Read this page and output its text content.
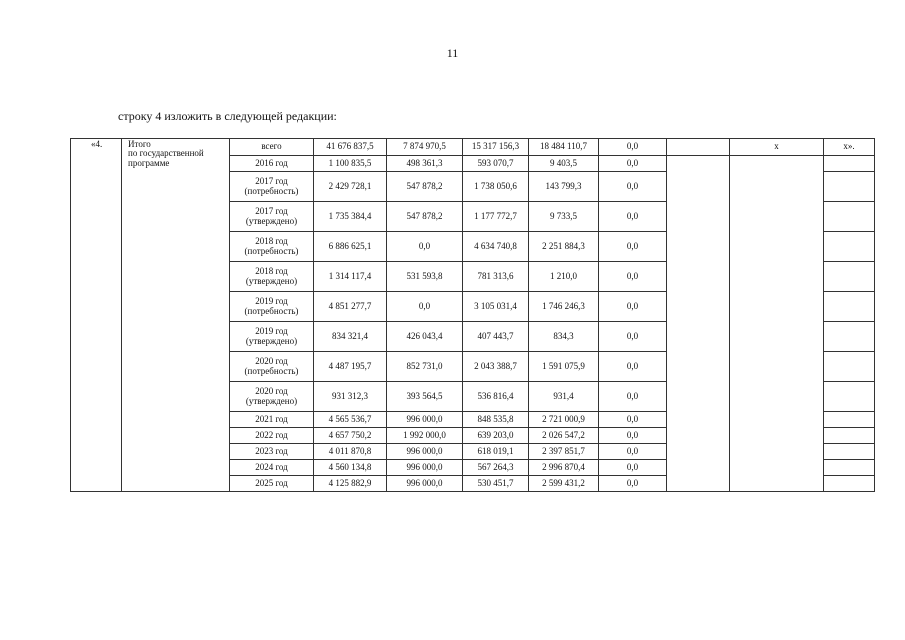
11
строку 4 изложить в следующей редакции:
«4.	Итого
по государственной
программе	всего	41 676 837,5	7 874 970,5	15 317 156,3	18 484 110,7	0,0		х	х».
		2016 год	1 100 835,5	498 361,3	593 070,7	9 403,5	0,0			
		2017 год
(потребность)	2 429 728,1	547 878,2	1 738 050,6	143 799,3	0,0			
		2017 год
(утверждено)	1 735 384,4	547 878,2	1 177 772,7	9 733,5	0,0			
		2018 год
(потребность)	6 886 625,1	0,0	4 634 740,8	2 251 884,3	0,0			
		2018 год
(утверждено)	1 314 117,4	531 593,8	781 313,6	1 210,0	0,0			
		2019 год
(потребность)	4 851 277,7	0,0	3 105 031,4	1 746 246,3	0,0			
		2019 год
(утверждено)	834 321,4	426 043,4	407 443,7	834,3	0,0			
		2020 год
(потребность)	4 487 195,7	852 731,0	2 043 388,7	1 591 075,9	0,0			
		2020 год
(утверждено)	931 312,3	393 564,5	536 816,4	931,4	0,0			
		2021 год	4 565 536,7	996 000,0	848 535,8	2 721 000,9	0,0			
		2022 год	4 657 750,2	1 992 000,0	639 203,0	2 026 547,2	0,0			
		2023 год	4 011 870,8	996 000,0	618 019,1	2 397 851,7	0,0			
		2024 год	4 560 134,8	996 000,0	567 264,3	2 996 870,4	0,0			
		2025 год	4 125 882,9	996 000,0	530 451,7	2 599 431,2	0,0			
